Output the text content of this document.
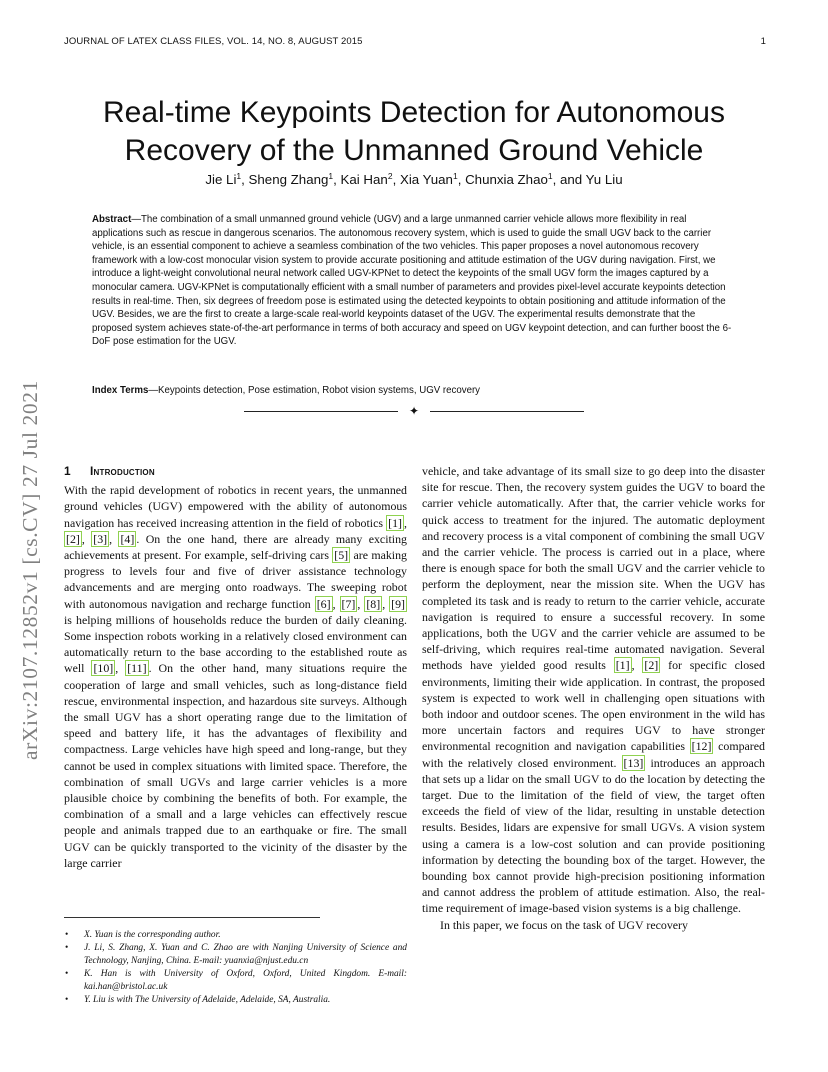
JOURNAL OF LATEX CLASS FILES, VOL. 14, NO. 8, AUGUST 2015	1
arXiv:2107.12852v1 [cs.CV] 27 Jul 2021
Real-time Keypoints Detection for Autonomous Recovery of the Unmanned Ground Vehicle
Jie Li$^1$, Sheng Zhang$^1$, Kai Han$^2$, Xia Yuan$^1$, Chunxia Zhao$^1$, and Yu Liu
Abstract—The combination of a small unmanned ground vehicle (UGV) and a large unmanned carrier vehicle allows more flexibility in real applications such as rescue in dangerous scenarios. The autonomous recovery system, which is used to guide the small UGV back to the carrier vehicle, is an essential component to achieve a seamless combination of the two vehicles. This paper proposes a novel autonomous recovery framework with a low-cost monocular vision system to provide accurate positioning and attitude estimation of the UGV during navigation. First, we introduce a light-weight convolutional neural network called UGV-KPNet to detect the keypoints of the small UGV form the images captured by a monocular camera. UGV-KPNet is computationally efficient with a small number of parameters and provides pixel-level accurate keypoints detection results in real-time. Then, six degrees of freedom pose is estimated using the detected keypoints to obtain positioning and attitude information of the UGV. Besides, we are the first to create a large-scale real-world keypoints dataset of the UGV. The experimental results demonstrate that the proposed system achieves state-of-the-art performance in terms of both accuracy and speed on UGV keypoint detection, and can further boost the 6-DoF pose estimation for the UGV.
Index Terms—Keypoints detection, Pose estimation, Robot vision systems, UGV recovery
✦
1 Introduction

With the rapid development of robotics in recent years, the unmanned ground vehicles (UGV) empowered with the ability of autonomous navigation has received increasing attention in the field of robotics [1] , [2] , [3] , [4] . On the one hand, there are already many exciting achievements at present. For example, self-driving cars [5] are making progress to levels four and five of driver assistance technology advancements and are merging onto roadways. The sweeping robot with autonomous navigation and recharge function [6] , [7] , [8] , [9] is helping millions of households reduce the burden of daily cleaning. Some inspection robots working in a relatively closed environment can automatically return to the base according to the established route as well [10] , [11] . On the other hand, many situations require the cooperation of large and small vehicles, such as long-distance field rescue, environmental inspection, and hazardous site surveys. Although the small UGV has a short operating range due to the limitation of speed and battery life, it has the advantages of flexibility and compactness. Large vehicles have high speed and long-range, but they cannot be used in complex situations with limited space. Therefore, the combination of small UGVs and large carrier vehicles is a more plausible choice by combining the benefits of both. For example, the combination of a small and a large vehicles can effectively rescue people and animals trapped due to an earthquake or fire. The small UGV can be quickly transported to the vicinity of the disaster by the large carrier

vehicle, and take advantage of its small size to go deep into the disaster site for rescue. Then, the recovery system guides the UGV to board the carrier vehicle automatically. After that, the carrier vehicle works for quick access to treatment for the injured. The automatic deployment and recovery process is a vital component of combining the small UGV and the carrier vehicle. The process is carried out in a place, where there is enough space for both the small UGV and the carrier vehicle to perform the deployment, near the mission site. When the UGV has completed its task and is ready to return to the carrier vehicle, accurate navigation is required to ensure a successful recovery. In some applications, both the UGV and the carrier vehicle are assumed to be self-driving, which requires real-time automated navigation. Several methods have yielded good results [1] , [2] for specific closed environments, limiting their wide application. In contrast, the proposed system is expected to work well in challenging open situations with both indoor and outdoor scenes. The open environment in the wild has more uncertain factors and requires UGV to have stronger environmental recognition and navigation capabilities [12] compared with the relatively closed environment. [13] introduces an approach that sets up a lidar on the small UGV to do the location by detecting the target. Due to the limitation of the field of view, the target often exceeds the field of view of the lidar, resulting in unstable detection results. Besides, lidars are expensive for small UGVs. A vision system using a camera is a low-cost solution and can provide positioning information by detecting the bounding box of the target. However, the bounding box cannot provide high-precision positioning information and cannot address the problem of attitude estimation. Also, the real-time requirement of image-based vision systems is a big challenge.

In this paper, we focus on the task of UGV recovery

• X. Yuan is the corresponding author.
• J. Li, S. Zhang, X. Yuan and C. Zhao are with Nanjing University of Science and Technology, Nanjing, China. E-mail: yuanxia@njust.edu.cn
• K. Han is with University of Oxford, Oxford, United Kingdom. E-mail: kai.han@bristol.ac.uk
• Y. Liu is with The University of Adelaide, Adelaide, SA, Australia.
